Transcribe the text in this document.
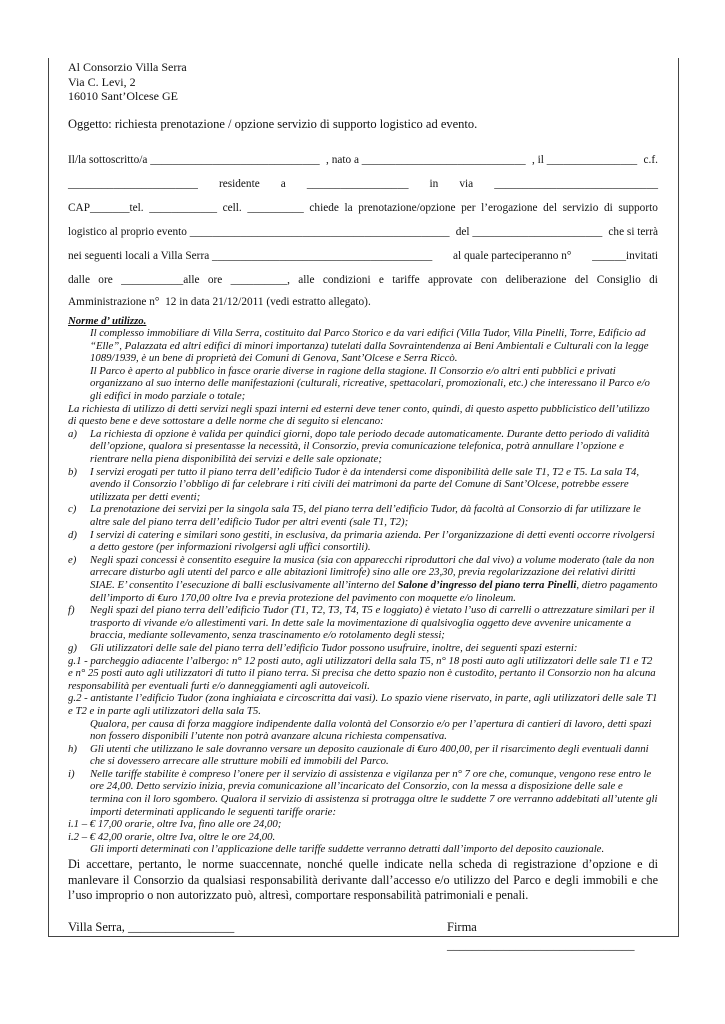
Al Consorzio Villa Serra
Via C. Levi, 2
16010 Sant’Olcese GE
Oggetto: richiesta prenotazione / opzione servizio di supporto logistico ad evento.
Il/la sottoscritto/a ______________________________ , nato a _____________________________ , il ________________ c.f.
_______________________ residente a __________________ in via _____________________________
CAP_______tel. ____________ cell. __________ chiede la prenotazione/opzione per l’erogazione del servizio di supporto
logistico al proprio evento ______________________________________________ del _______________________ che si terrà
nei seguenti locali a Villa Serra _______________________________________ al quale parteciperanno n° ______invitati
dalle ore ___________alle ore __________, alle condizioni e tariffe approvate con deliberazione del Consiglio di
Amministrazione n°  12 in data 21/12/2011 (vedi estratto allegato).
Norme d’ utilizzo.
Il complesso immobiliare di Villa Serra, costituito dal Parco Storico e da vari edifici (Villa Tudor, Villa Pinelli, Torre, Edificio ad “Elle”, Palazzata ed altri edifici di minori importanza) tutelati dalla Sovraintendenza ai Beni Ambientali e Culturali con la legge 1089/1939, è un bene di proprietà dei Comuni di Genova, Sant’Olcese e Serra Riccò.
Il Parco è aperto al pubblico in fasce orarie diverse in ragione della stagione. Il Consorzio e/o altri enti pubblici e privati organizzano al suo interno delle manifestazioni (culturali, ricreative, spettacolari, promozionali, etc.) che interessano il Parco e/o gli edifici in modo parziale o totale;
La richiesta di utilizzo di detti servizi negli spazi interni ed esterni deve tener conto, quindi, di questo aspetto pubblicistico dell’utilizzo di questo bene e deve sottostare a delle norme che di seguito si elencano:
a)	La richiesta di opzione è valida per quindici giorni, dopo tale periodo decade automaticamente. Durante detto periodo di validità dell’opzione, qualora si presentasse la necessità, il Consorzio, previa comunicazione telefonica, potrà annullare l’opzione e rientrare nella piena disponibilità dei servizi e delle sale opzionate;
b)	I servizi erogati per tutto il piano terra dell’edificio Tudor è da intendersi come disponibilità delle sale T1, T2 e T5. La sala T4, avendo il Consorzio l’obbligo di far celebrare i riti civili dei matrimoni da parte del Comune di Sant’Olcese, potrebbe essere utilizzata per detti eventi;
c)	La prenotazione dei servizi per la singola sala T5, del piano terra dell’edificio Tudor, dà facoltà al Consorzio di far utilizzare le altre sale del piano terra dell’edificio Tudor per altri eventi (sale T1, T2);
d)	I servizi di catering e similari sono gestiti, in esclusiva, da primaria azienda. Per l’organizzazione di detti eventi occorre rivolgersi a detto gestore (per informazioni rivolgersi agli uffici consortili).
e)	Negli spazi concessi è consentito eseguire la musica (sia con apparecchi riproduttori che dal vivo) a volume moderato (tale da non arrecare disturbo agli utenti del parco e alle abitazioni limitrofe) sino alle ore 23,30, previa regolarizzazione dei relativi diritti SIAE. E’ consentito l’esecuzione di balli esclusivamente all’interno del Salone d’ingresso del piano terra Pinelli, dietro pagamento dell’importo di €uro 170,00 oltre Iva e previa protezione del pavimento con moquette e/o linoleum.
f)	Negli spazi del piano terra dell’edificio Tudor (T1, T2, T3, T4, T5 e loggiato) è vietato l’uso di carrelli o attrezzature similari per il trasporto di vivande e/o allestimenti vari. In dette sale la movimentazione di qualsivoglia oggetto deve avvenire unicamente a braccia, mediante sollevamento, senza trascinamento e/o rotolamento degli stessi;
g)	Gli utilizzatori delle sale del piano terra dell’edificio Tudor possono usufruire, inoltre, dei seguenti spazi esterni:
g.1 - parcheggio adiacente l’albergo: n° 12 posti auto, agli utilizzatori della sala T5, n° 18 posti auto agli utilizzatori delle sale T1 e T2 e n° 25 posti auto agli utilizzatori di tutto il piano terra. Si precisa che detto spazio non è custodito, pertanto il Consorzio non ha alcuna responsabilità per eventuali furti e/o danneggiamenti agli autoveicoli.
g.2 - antistante l’edificio Tudor (zona inghiaiata e circoscritta dai vasi). Lo spazio viene riservato, in parte, agli utilizzatori delle sale T1 e T2 e in parte agli utilizzatori della sala T5.
Qualora, per causa di forza maggiore indipendente dalla volontà del Consorzio e/o per l’apertura di cantieri di lavoro, detti spazi non fossero disponibili l’utente non potrà avanzare alcuna richiesta compensativa.
h)	Gli utenti che utilizzano le sale dovranno versare un deposito cauzionale di €uro 400,00, per il risarcimento degli eventuali danni che si dovessero arrecare alle strutture mobili ed immobili del Parco.
i)	Nelle tariffe stabilite è compreso l’onere per il servizio di assistenza e vigilanza per n° 7 ore che, comunque, vengono rese entro le ore 24,00. Detto servizio inizia, previa comunicazione all’incaricato del Consorzio, con la messa a disposizione delle sale e termina con il loro sgombero. Qualora il servizio di assistenza si protragga oltre le suddette 7 ore verranno addebitati all’utente gli importi determinati applicando le seguenti tariffe orarie:
i.1 – € 17,00 orarie, oltre Iva, fino alle ore 24,00;
i.2 – € 42,00 orarie, oltre Iva, oltre le ore 24,00.
Gli importi determinati con l’applicazione delle tariffe suddette verranno detratti dall’importo del deposito cauzionale.
Di accettare, pertanto, le norme suaccennate, nonché quelle indicate nella scheda di registrazione d’opzione e di manlevare il Consorzio da qualsiasi responsabilità derivante dall’accesso e/o utilizzo del Parco e degli immobili e che l’uso improprio o non autorizzato può, altresì, comportare responsabilità patrimoniali e penali.
Villa Serra, _________________	Firma
______________________________
